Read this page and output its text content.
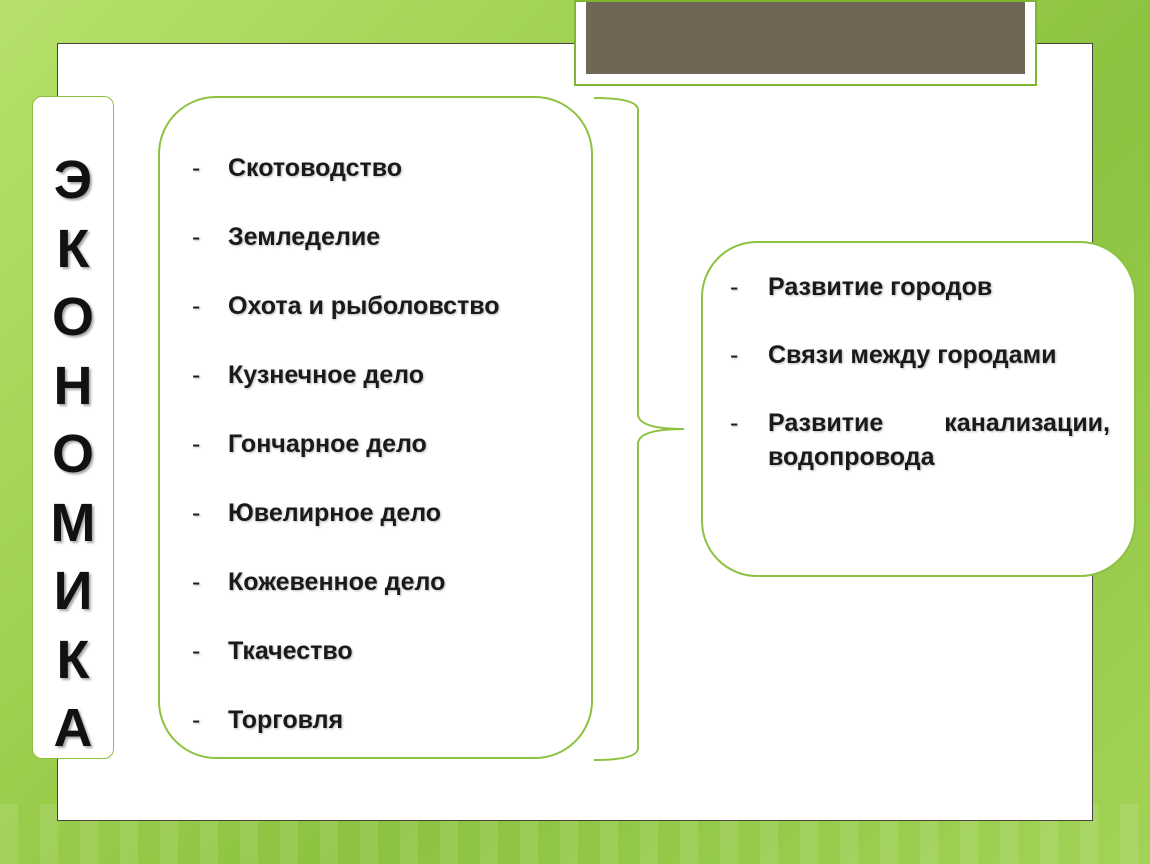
Э
К
О
Н
О
М
И
К
А
-	Скотоводство
-	Земледелие
-	Охота и рыболовство
-	Кузнечное дело
-	Гончарное дело
-	Ювелирное дело
-	Кожевенное дело
-	Ткачество
-	Торговля
-	Развитие городов
-	Связи между городами
-	Развитие канализации, водопровода
